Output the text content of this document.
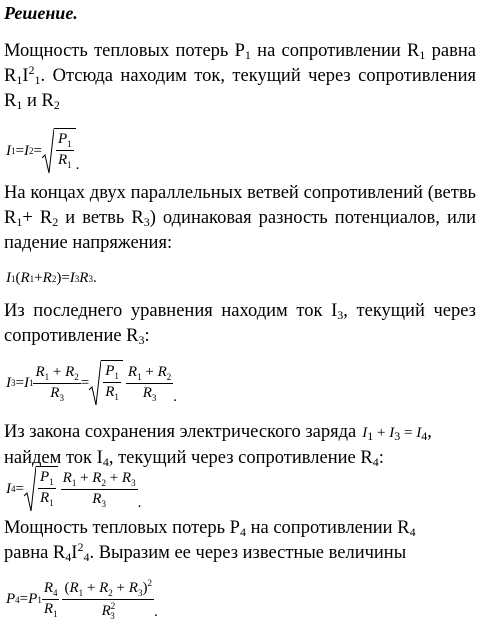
Решение.
Мощность тепловых потерь $P_1$ на сопротивлении $R_1$ равна $R_1I^2_1$. Отсюда находим ток, текущий через сопротивления $R_1$ и $R_2$
I 1 = I $2 = \frac{P_1}{R_1}$ .
На концах двух параллельных ветвей сопротивлений (ветвь $R_1+ R_2$ и ветвь $R_3$) одинаковая разность потенциалов, или падение напряжения:
I 1 ( R 1 + R 2 ) = I 3 R 3 .
Из последнего уравнения находим ток $I_3$, текущий через сопротивление $R_3$:
I 3 = I $1 \frac{R_1 + R_2}{R_3} = \frac{P_1}{R_1} \frac{R_1 + R_2}{R_3}$ .
Из закона сохранения электрического заряда $I_1 + I_3 = I_4$,
найдем ток $I_4$, текущий через сопротивление $R_4$:
I $4 = \frac{P_1}{R_1} \frac{R_1 + R_2 + R_3}{R_3}$ .
Мощность тепловых потерь $P_4$ на сопротивлении $R_4$
равна $R_4I^2_4$. Выразим ее через известные величины
P 4 = P $1 \frac{R_4}{R_1} \frac{(R_1 + R_2 + R_3)^2}{R^2_3}$ .
